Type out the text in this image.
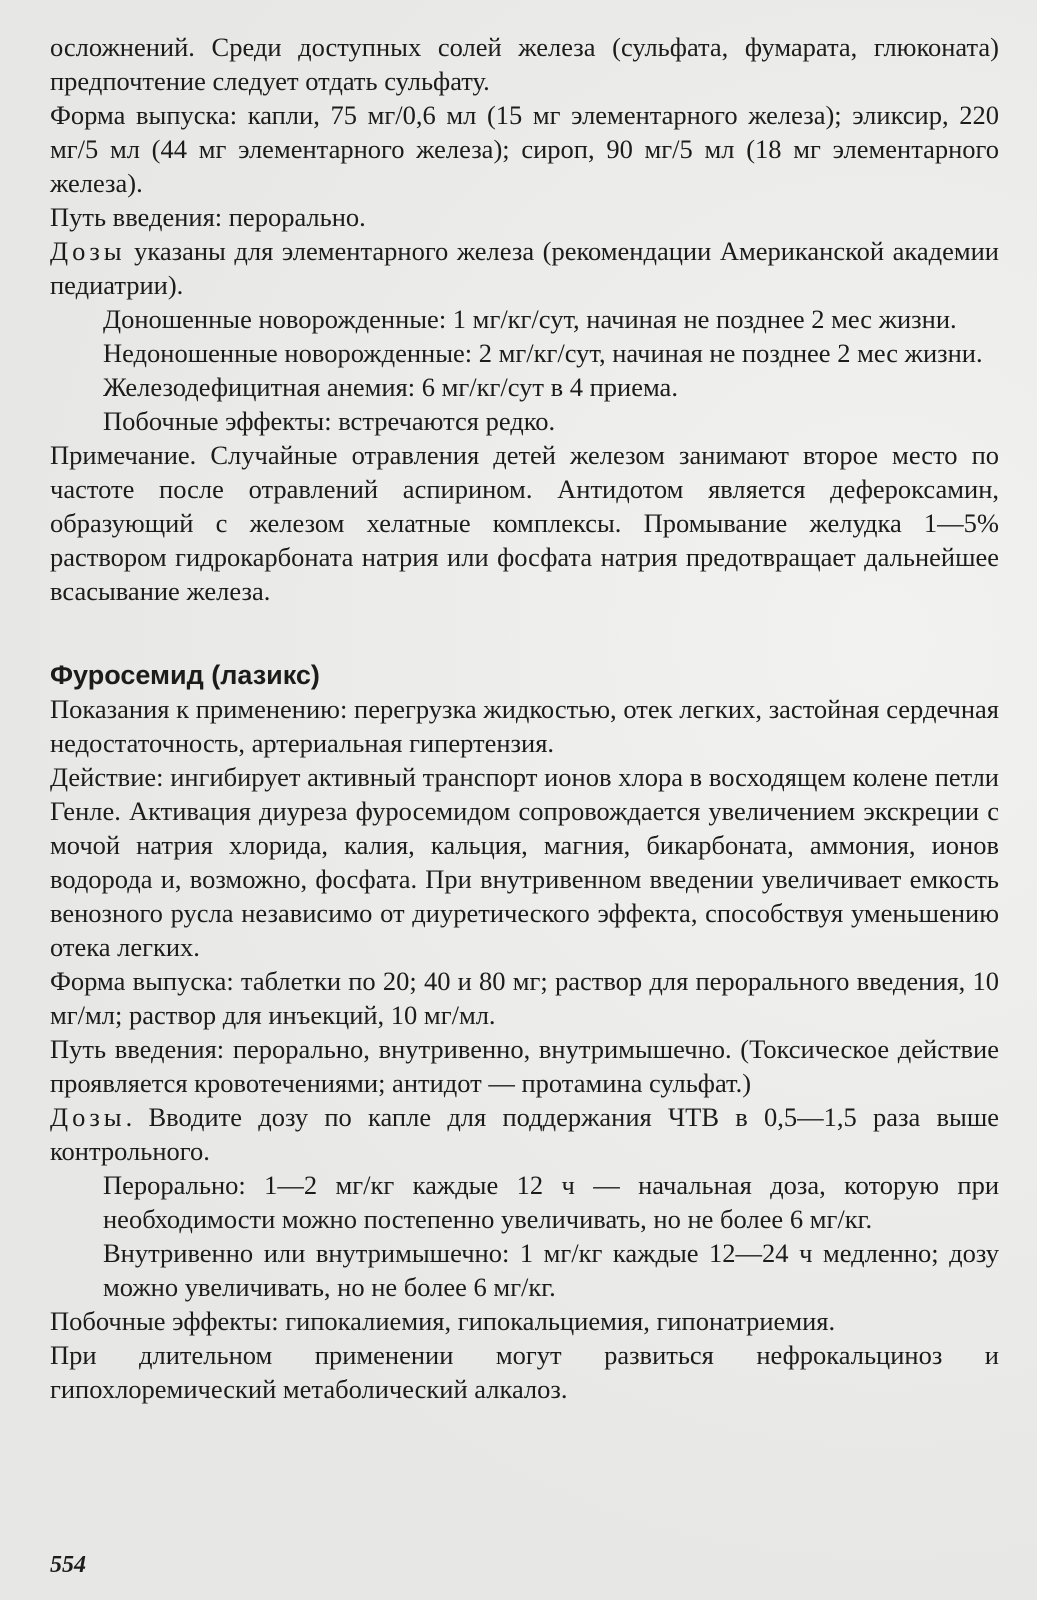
осложнений. Среди доступных солей железа (сульфата, фумарата, глюконата) предпочтение следует отдать сульфату.

Форма выпуска: капли, 75 мг/0,6 мл (15 мг элементарного железа); эликсир, 220 мг/5 мл (44 мг элементарного железа); сироп, 90 мг/5 мл (18 мг элементарного железа).

Путь введения: перорально.

Дозы указаны для элементарного железа (рекомендации Американской академии педиатрии).

Доношенные новорожденные: 1 мг/кг/сут, начиная не позднее 2 мес жизни.

Недоношенные новорожденные: 2 мг/кг/сут, начиная не позднее 2 мес жизни.

Железодефицитная анемия: 6 мг/кг/сут в 4 приема.

Побочные эффекты: встречаются редко.

Примечание. Случайные отравления детей железом занимают второе место по частоте после отравлений аспирином. Антидотом является дефероксамин, образующий с железом хелатные комплексы. Промывание желудка 1—5% раствором гидрокарбоната натрия или фосфата натрия предотвращает дальнейшее всасывание железа.

Фуросемид (лазикс)

Показания к применению: перегрузка жидкостью, отек легких, застойная сердечная недостаточность, артериальная гипертензия.

Действие: ингибирует активный транспорт ионов хлора в восходящем колене петли Генле. Активация диуреза фуросемидом сопровождается увеличением экскреции с мочой натрия хлорида, калия, кальция, магния, бикарбоната, аммония, ионов водорода и, возможно, фосфата. При внутривенном введении увеличивает емкость венозного русла независимо от диуретического эффекта, способствуя уменьшению отека легких.

Форма выпуска: таблетки по 20; 40 и 80 мг; раствор для перорального введения, 10 мг/мл; раствор для инъекций, 10 мг/мл.

Путь введения: перорально, внутривенно, внутримышечно. (Токсическое действие проявляется кровотечениями; антидот — протамина сульфат.)

Дозы. Вводите дозу по капле для поддержания ЧТВ в 0,5—1,5 раза выше контрольного.

Перорально: 1—2 мг/кг каждые 12 ч — начальная доза, которую при необходимости можно постепенно увеличивать, но не более 6 мг/кг.

Внутривенно или внутримышечно: 1 мг/кг каждые 12—24 ч медленно; дозу можно увеличивать, но не более 6 мг/кг.

Побочные эффекты: гипокалиемия, гипокальциемия, гипонатриемия.

При длительном применении могут развиться нефрокальциноз и гипохлоремический метаболический алкалоз.

554
